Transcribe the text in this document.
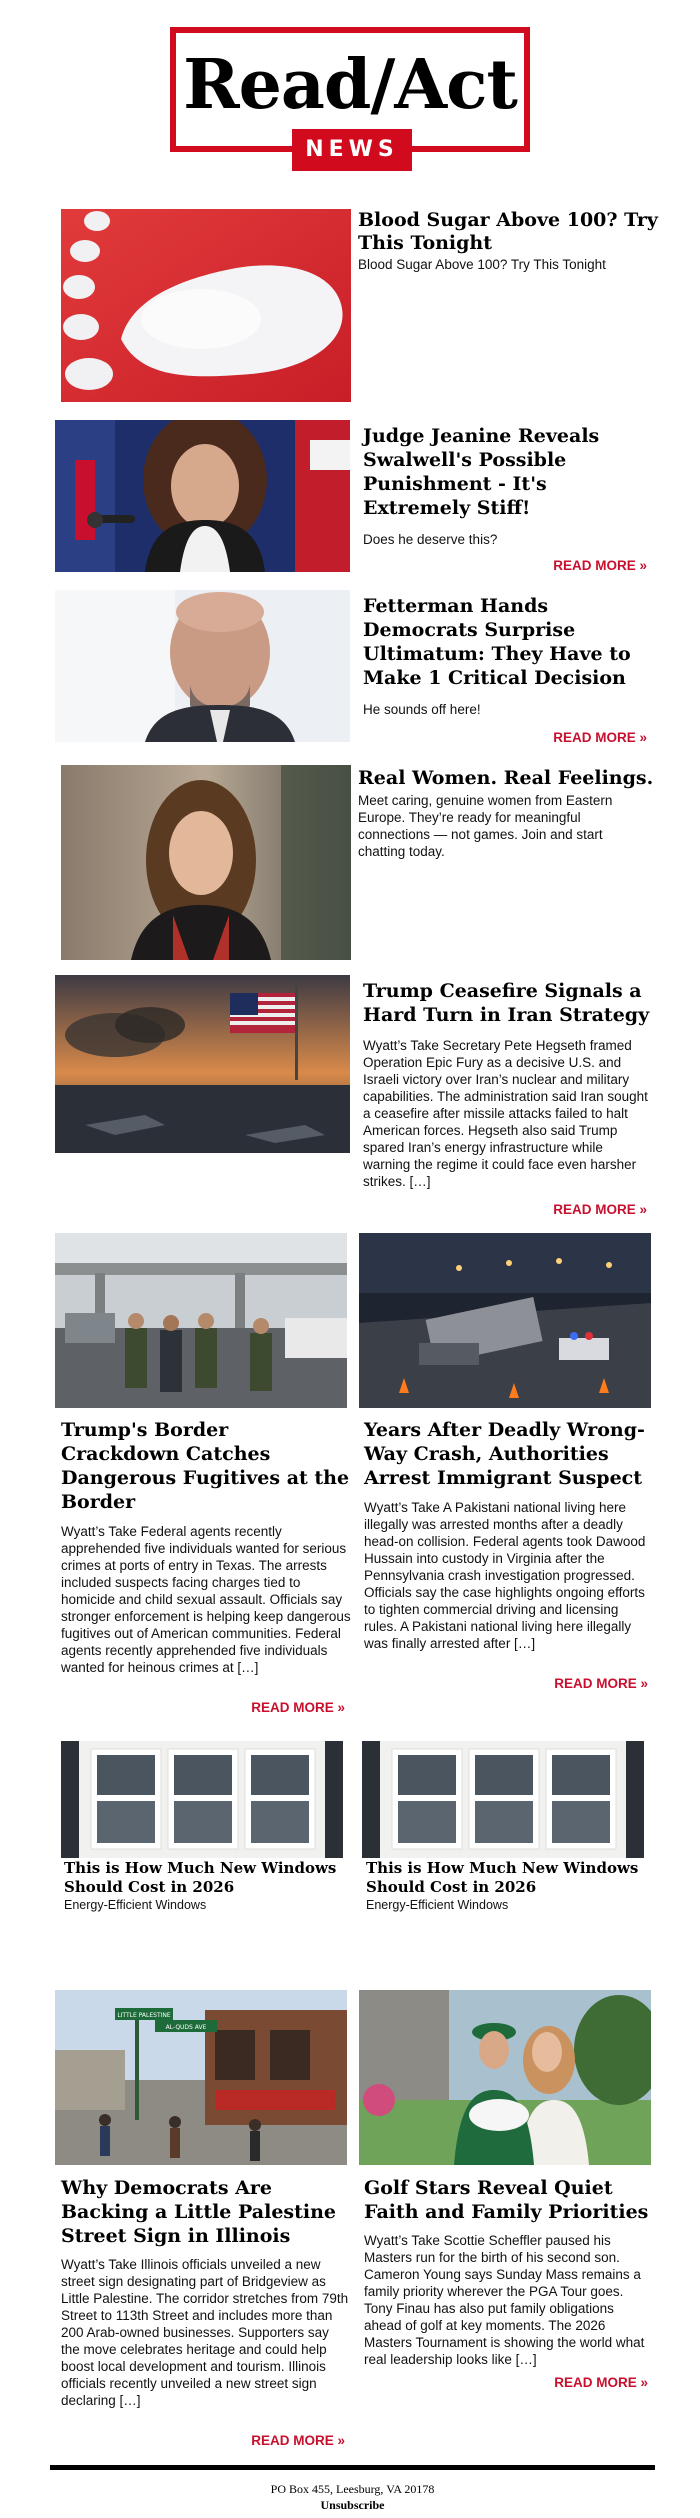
Read/Act
NEWS
Blood Sugar Above 100? Try This Tonight
Blood Sugar Above 100? Try This Tonight
Judge Jeanine Reveals Swalwell's Possible Punishment - It's Extremely Stiff!
Does he deserve this?
READ MORE »
Fetterman Hands Democrats Surprise Ultimatum: They Have to Make 1 Critical Decision
He sounds off here!
READ MORE »
Real Women. Real Feelings.
Meet caring, genuine women from Eastern Europe. They’re ready for meaningful connections — not games. Join and start chatting today.
Trump Ceasefire Signals a Hard Turn in Iran Strategy
Wyatt’s Take Secretary Pete Hegseth framed Operation Epic Fury as a decisive U.S. and Israeli victory over Iran’s nuclear and military capabilities. The administration said Iran sought a ceasefire after missile attacks failed to halt American forces. Hegseth also said Trump spared Iran’s energy infrastructure while warning the regime it could face even harsher strikes. […]
READ MORE »
Trump's Border Crackdown Catches Dangerous Fugitives at the Border
Wyatt’s Take Federal agents recently apprehended five individuals wanted for serious crimes at ports of entry in Texas. The arrests included suspects facing charges tied to homicide and child sexual assault. Officials say stronger enforcement is helping keep dangerous fugitives out of American communities. Federal agents recently apprehended five individuals wanted for heinous crimes at […]
READ MORE »
Years After Deadly Wrong-Way Crash, Authorities Arrest Immigrant Suspect
Wyatt’s Take A Pakistani national living here illegally was arrested months after a deadly head-on collision. Federal agents took Dawood Hussain into custody in Virginia after the Pennsylvania crash investigation progressed. Officials say the case highlights ongoing efforts to tighten commercial driving and licensing rules. A Pakistani national living here illegally was finally arrested after […]
READ MORE »
This is How Much New Windows Should Cost in 2026
Energy-Efficient Windows
This is How Much New Windows Should Cost in 2026
Energy-Efficient Windows
LITTLE PALESTINE
AL-QUDS AVE
Why Democrats Are Backing a Little Palestine Street Sign in Illinois
Wyatt’s Take Illinois officials unveiled a new street sign designating part of Bridgeview as Little Palestine. The corridor stretches from 79th Street to 113th Street and includes more than 200 Arab-owned businesses. Supporters say the move celebrates heritage and could help boost local development and tourism. Illinois officials recently unveiled a new street sign declaring […]
READ MORE »
Golf Stars Reveal Quiet Faith and Family Priorities
Wyatt’s Take Scottie Scheffler paused his Masters run for the birth of his second son. Cameron Young says Sunday Mass remains a family priority wherever the PGA Tour goes. Tony Finau has also put family obligations ahead of golf at key moments. The 2026 Masters Tournament is showing the world what real leadership looks like […]
READ MORE »
PO Box 455, Leesburg, VA 20178
Unsubscribe
